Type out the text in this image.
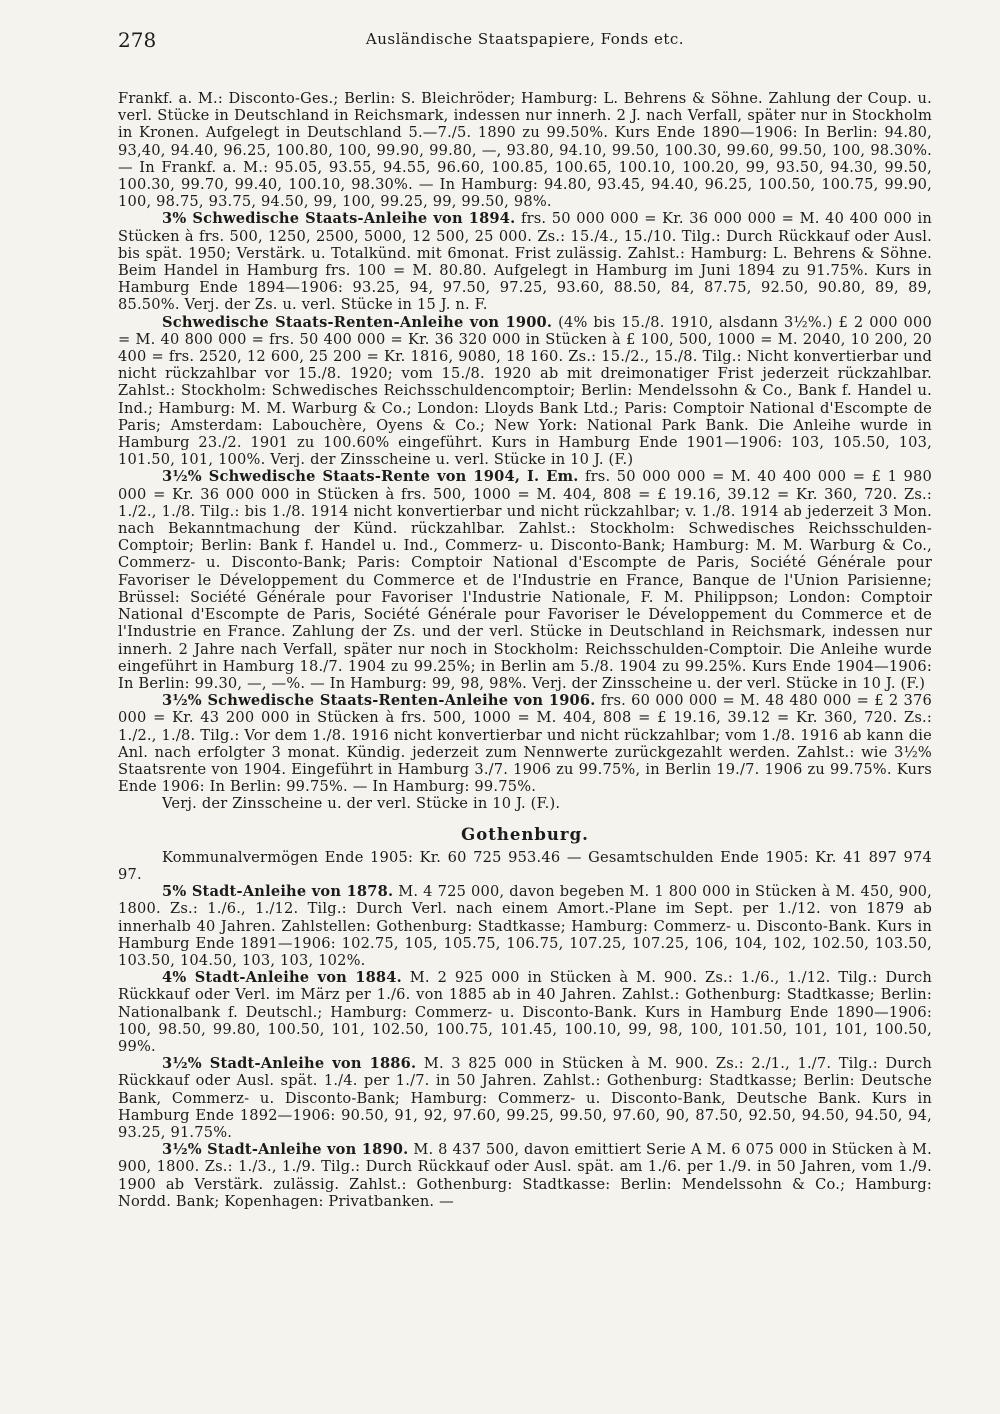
278	Ausländische Staatspapiere, Fonds etc.

Frankf. a. M.: Disconto-Ges.; Berlin: S. Bleichröder; Hamburg: L. Behrens & Söhne. Zahlung der Coup. u. verl. Stücke in Deutschland in Reichsmark, indessen nur innerh. 2 J. nach Verfall, später nur in Stockholm in Kronen. Aufgelegt in Deutschland 5.—7./5. 1890 zu 99.50%. Kurs Ende 1890—1906: In Berlin: 94.80, 93,40, 94.40, 96.25, 100.80, 100, 99.90, 99.80, —, 93.80, 94.10, 99.50, 100.30, 99.60, 99.50, 100, 98.30%. — In Frankf. a. M.: 95.05, 93.55, 94.55, 96.60, 100.85, 100.65, 100.10, 100.20, 99, 93.50, 94.30, 99.50, 100.30, 99.70, 99.40, 100.10, 98.30%. — In Hamburg: 94.80, 93.45, 94.40, 96.25, 100.50, 100.75, 99.90, 100, 98.75, 93.75, 94.50, 99, 100, 99.25, 99, 99.50, 98%.

3% Schwedische Staats-Anleihe von 1894. frs. 50 000 000 = Kr. 36 000 000 = M. 40 400 000 in Stücken à frs. 500, 1250, 2500, 5000, 12 500, 25 000. Zs.: 15./4., 15./10. Tilg.: Durch Rückkauf oder Ausl. bis spät. 1950; Verstärk. u. Totalkünd. mit 6monat. Frist zulässig. Zahlst.: Hamburg: L. Behrens & Söhne. Beim Handel in Hamburg frs. 100 = M. 80.80. Aufgelegt in Hamburg im Juni 1894 zu 91.75%. Kurs in Hamburg Ende 1894—1906: 93.25, 94, 97.50, 97.25, 93.60, 88.50, 84, 87.75, 92.50, 90.80, 89, 89, 85.50%. Verj. der Zs. u. verl. Stücke in 15 J. n. F.

Schwedische Staats-Renten-Anleihe von 1900. (4% bis 15./8. 1910, alsdann 3½%.) £ 2 000 000 = M. 40 800 000 = frs. 50 400 000 = Kr. 36 320 000 in Stücken à £ 100, 500, 1000 = M. 2040, 10 200, 20 400 = frs. 2520, 12 600, 25 200 = Kr. 1816, 9080, 18 160. Zs.: 15./2., 15./8. Tilg.: Nicht konvertierbar und nicht rückzahlbar vor 15./8. 1920; vom 15./8. 1920 ab mit dreimonatiger Frist jederzeit rückzahlbar. Zahlst.: Stockholm: Schwedisches Reichsschuldencomptoir; Berlin: Mendelssohn & Co., Bank f. Handel u. Ind.; Hamburg: M. M. Warburg & Co.; London: Lloyds Bank Ltd.; Paris: Comptoir National d'Escompte de Paris; Amsterdam: Labouchère, Oyens & Co.; New York: National Park Bank. Die Anleihe wurde in Hamburg 23./2. 1901 zu 100.60% eingeführt. Kurs in Hamburg Ende 1901—1906: 103, 105.50, 103, 101.50, 101, 100%. Verj. der Zinsscheine u. verl. Stücke in 10 J. (F.)

3½% Schwedische Staats-Rente von 1904, I. Em. frs. 50 000 000 = M. 40 400 000 = £ 1 980 000 = Kr. 36 000 000 in Stücken à frs. 500, 1000 = M. 404, 808 = £ 19.16, 39.12 = Kr. 360, 720. Zs.: 1./2., 1./8. Tilg.: bis 1./8. 1914 nicht konvertierbar und nicht rückzahlbar; v. 1./8. 1914 ab jederzeit 3 Mon. nach Bekanntmachung der Künd. rückzahlbar. Zahlst.: Stockholm: Schwedisches Reichsschulden-Comptoir; Berlin: Bank f. Handel u. Ind., Commerz- u. Disconto-Bank; Hamburg: M. M. Warburg & Co., Commerz- u. Disconto-Bank; Paris: Comptoir National d'Escompte de Paris, Société Générale pour Favoriser le Développement du Commerce et de l'Industrie en France, Banque de l'Union Parisienne; Brüssel: Société Générale pour Favoriser l'Industrie Nationale, F. M. Philippson; London: Comptoir National d'Escompte de Paris, Société Générale pour Favoriser le Développement du Commerce et de l'Industrie en France. Zahlung der Zs. und der verl. Stücke in Deutschland in Reichsmark, indessen nur innerh. 2 Jahre nach Verfall, später nur noch in Stockholm: Reichsschulden-Comptoir. Die Anleihe wurde eingeführt in Hamburg 18./7. 1904 zu 99.25%; in Berlin am 5./8. 1904 zu 99.25%. Kurs Ende 1904—1906: In Berlin: 99.30, —, —%. — In Hamburg: 99, 98, 98%. Verj. der Zinsscheine u. der verl. Stücke in 10 J. (F.)

3½% Schwedische Staats-Renten-Anleihe von 1906. frs. 60 000 000 = M. 48 480 000 = £ 2 376 000 = Kr. 43 200 000 in Stücken à frs. 500, 1000 = M. 404, 808 = £ 19.16, 39.12 = Kr. 360, 720. Zs.: 1./2., 1./8. Tilg.: Vor dem 1./8. 1916 nicht konvertierbar und nicht rückzahlbar; vom 1./8. 1916 ab kann die Anl. nach erfolgter 3 monat. Kündig. jederzeit zum Nennwerte zurückgezahlt werden. Zahlst.: wie 3½% Staatsrente von 1904. Eingeführt in Hamburg 3./7. 1906 zu 99.75%, in Berlin 19./7. 1906 zu 99.75%. Kurs Ende 1906: In Berlin: 99.75%. — In Hamburg: 99.75%.

Verj. der Zinsscheine u. der verl. Stücke in 10 J. (F.).

Gothenburg.

Kommunalvermögen Ende 1905: Kr. 60 725 953.46 — Gesamtschulden Ende 1905: Kr. 41 897 974 97.

5% Stadt-Anleihe von 1878. M. 4 725 000, davon begeben M. 1 800 000 in Stücken à M. 450, 900, 1800. Zs.: 1./6., 1./12. Tilg.: Durch Verl. nach einem Amort.-Plane im Sept. per 1./12. von 1879 ab innerhalb 40 Jahren. Zahlstellen: Gothenburg: Stadtkasse; Hamburg: Commerz- u. Disconto-Bank. Kurs in Hamburg Ende 1891—1906: 102.75, 105, 105.75, 106.75, 107.25, 107.25, 106, 104, 102, 102.50, 103.50, 103.50, 104.50, 103, 103, 102%.

4% Stadt-Anleihe von 1884. M. 2 925 000 in Stücken à M. 900. Zs.: 1./6., 1./12. Tilg.: Durch Rückkauf oder Verl. im März per 1./6. von 1885 ab in 40 Jahren. Zahlst.: Gothenburg: Stadtkasse; Berlin: Nationalbank f. Deutschl.; Hamburg: Commerz- u. Disconto-Bank. Kurs in Hamburg Ende 1890—1906: 100, 98.50, 99.80, 100.50, 101, 102.50, 100.75, 101.45, 100.10, 99, 98, 100, 101.50, 101, 101, 100.50, 99%.

3½% Stadt-Anleihe von 1886. M. 3 825 000 in Stücken à M. 900. Zs.: 2./1., 1./7. Tilg.: Durch Rückkauf oder Ausl. spät. 1./4. per 1./7. in 50 Jahren. Zahlst.: Gothenburg: Stadtkasse; Berlin: Deutsche Bank, Commerz- u. Disconto-Bank; Hamburg: Commerz- u. Disconto-Bank, Deutsche Bank. Kurs in Hamburg Ende 1892—1906: 90.50, 91, 92, 97.60, 99.25, 99.50, 97.60, 90, 87.50, 92.50, 94.50, 94.50, 94, 93.25, 91.75%.

3½% Stadt-Anleihe von 1890. M. 8 437 500, davon emittiert Serie A M. 6 075 000 in Stücken à M. 900, 1800. Zs.: 1./3., 1./9. Tilg.: Durch Rückkauf oder Ausl. spät. am 1./6. per 1./9. in 50 Jahren, vom 1./9. 1900 ab Verstärk. zulässig. Zahlst.: Gothenburg: Stadtkasse: Berlin: Mendelssohn & Co.; Hamburg: Nordd. Bank; Kopenhagen: Privatbanken. —
